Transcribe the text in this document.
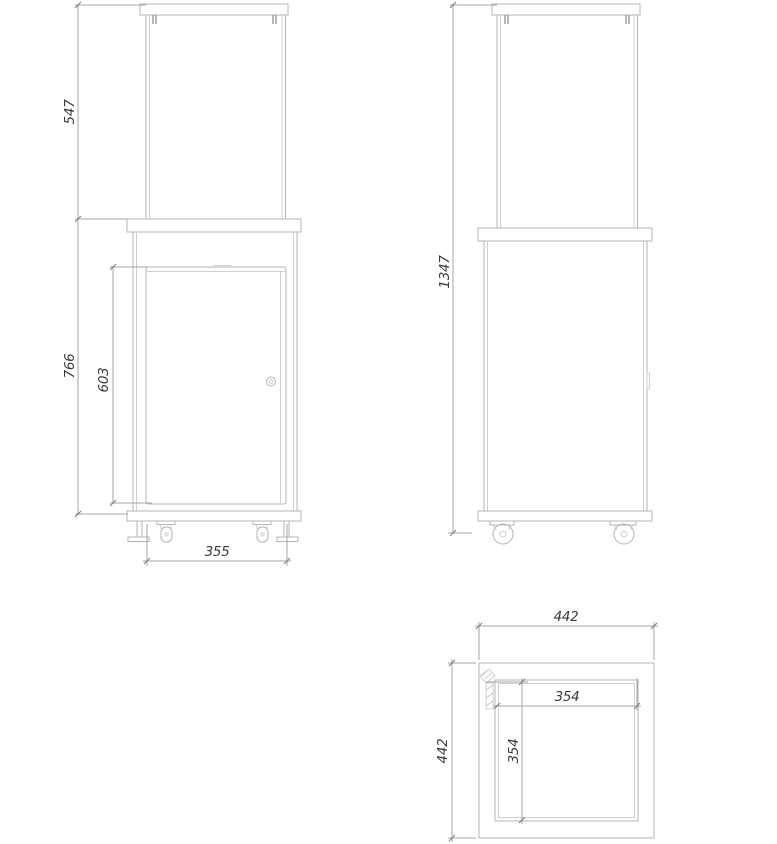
547
766
603
355
1347
442
442
354
354
